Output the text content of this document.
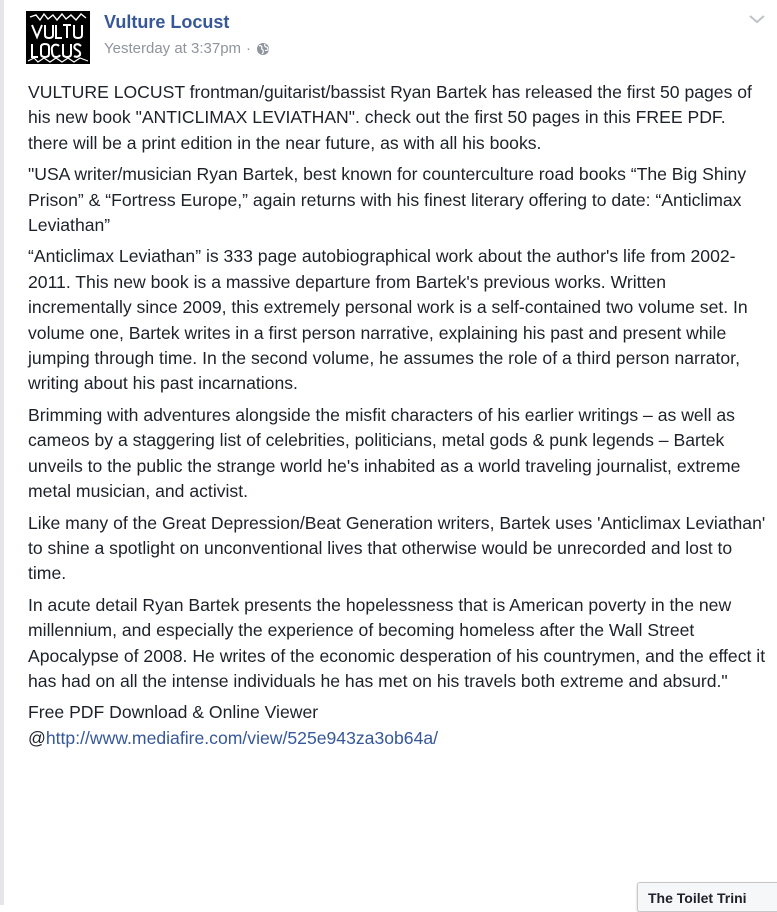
Vulture Locust
Yesterday at 3:37pm ·

VULTURE LOCUST frontman/guitarist/bassist Ryan Bartek has released the first 50 pages of his new book "ANTICLIMAX LEVIATHAN". check out the first 50 pages in this FREE PDF.
there will be a print edition in the near future, as with all his books.

"USA writer/musician Ryan Bartek, best known for counterculture road books “The Big Shiny Prison” & “Fortress Europe,” again returns with his finest literary offering to date: “Anticlimax Leviathan”

“Anticlimax Leviathan” is 333 page autobiographical work about the author's life from 2002-2011. This new book is a massive departure from Bartek's previous works. Written incrementally since 2009, this extremely personal work is a self-contained two volume set. In volume one, Bartek writes in a first person narrative, explaining his past and present while jumping through time. In the second volume, he assumes the role of a third person narrator, writing about his past incarnations.

Brimming with adventures alongside the misfit characters of his earlier writings – as well as cameos by a staggering list of celebrities, politicians, metal gods & punk legends – Bartek unveils to the public the strange world he's inhabited as a world traveling journalist, extreme metal musician, and activist.

Like many of the Great Depression/Beat Generation writers, Bartek uses 'Anticlimax Leviathan' to shine a spotlight on unconventional lives that otherwise would be unrecorded and lost to time.

In acute detail Ryan Bartek presents the hopelessness that is American poverty in the new millennium, and especially the experience of becoming homeless after the Wall Street Apocalypse of 2008. He writes of the economic desperation of his countrymen, and the effect it has had on all the intense individuals he has met on his travels both extreme and absurd."

Free PDF Download & Online Viewer
@http://www.mediafire.com/view/525e943za3ob64a/
The Toilet Trini
